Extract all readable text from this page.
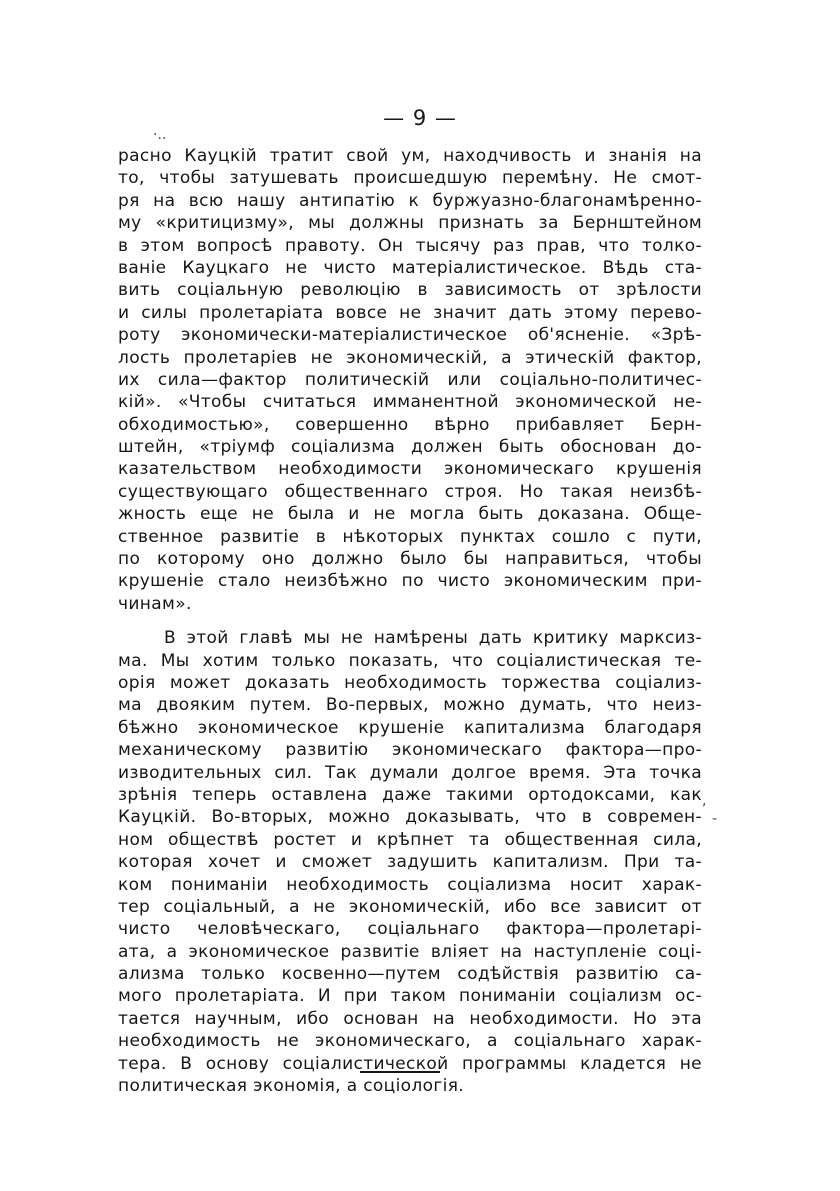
— 9 —

расно Кауцкій тратит свой ум, находчивость и знанія на
то, чтобы затушевать происшедшую перемѣну. Не смот-
ря на всю нашу антипатію к буржуазно-благонамѣренно-
му «критицизму», мы должны признать за Бернштейном
в этом вопросѣ правоту. Он тысячу раз прав, что толко-
ваніе Кауцкаго не чисто матеріалистическое. Вѣдь ста-
вить соціальную революцію в зависимость от зрѣлости
и силы пролетаріата вовсе не значит дать этому перево-
роту экономически-матеріалистическое об'ясненіе. «Зрѣ-
лость пролетаріев не экономическій, а этическій фактор,
их сила—фактор политическій или соціально-политичес-
кій». «Чтобы считаться имманентной экономической не-
обходимостью», совершенно вѣрно прибавляет Берн-
штейн, «тріумф соціализма должен быть обоснован до-
казательством необходимости экономическаго крушенія
существующаго общественнаго строя. Но такая неизбѣ-
жность еще не была и не могла быть доказана. Обще-
ственное развитіе в нѣкоторых пунктах сошло с пути,
по которому оно должно было бы направиться, чтобы
крушеніе стало неизбѣжно по чисто экономическим при-
чинам».

В этой главѣ мы не намѣрены дать критику марксиз-
ма. Мы хотим только показать, что соціалистическая те-
орія может доказать необходимость торжества соціализ-
ма двояким путем. Во-первых, можно думать, что неиз-
бѣжно экономическое крушеніе капитализма благодаря
механическому развитію экономическаго фактора—про-
изводительных сил. Так думали долгое время. Эта точка
зрѣнія теперь оставлена даже такими ортодоксами, как
Кауцкій. Во-вторых, можно доказывать, что в современ-
ном обществѣ ростет и крѣпнет та общественная сила,
которая хочет и сможет задушить капитализм. При та-
ком пониманіи необходимость соціализма носит харак-
тер соціальный, а не экономическій, ибо все зависит от
чисто человѣческаго, соціальнаго фактора—пролетарі-
ата, а экономическое развитіе вліяет на наступленіе соці-
ализма только косвенно—путем содѣйствія развитію са-
мого пролетаріата. И при таком пониманіи соціализм ос-
тается научным, ибо основан на необходимости. Но эта
необходимость не экономическаго, а соціальнаго харак-
тера. В основу соціалистической программы кладется не
политическая экономія, а соціологія.

·..
,
-
